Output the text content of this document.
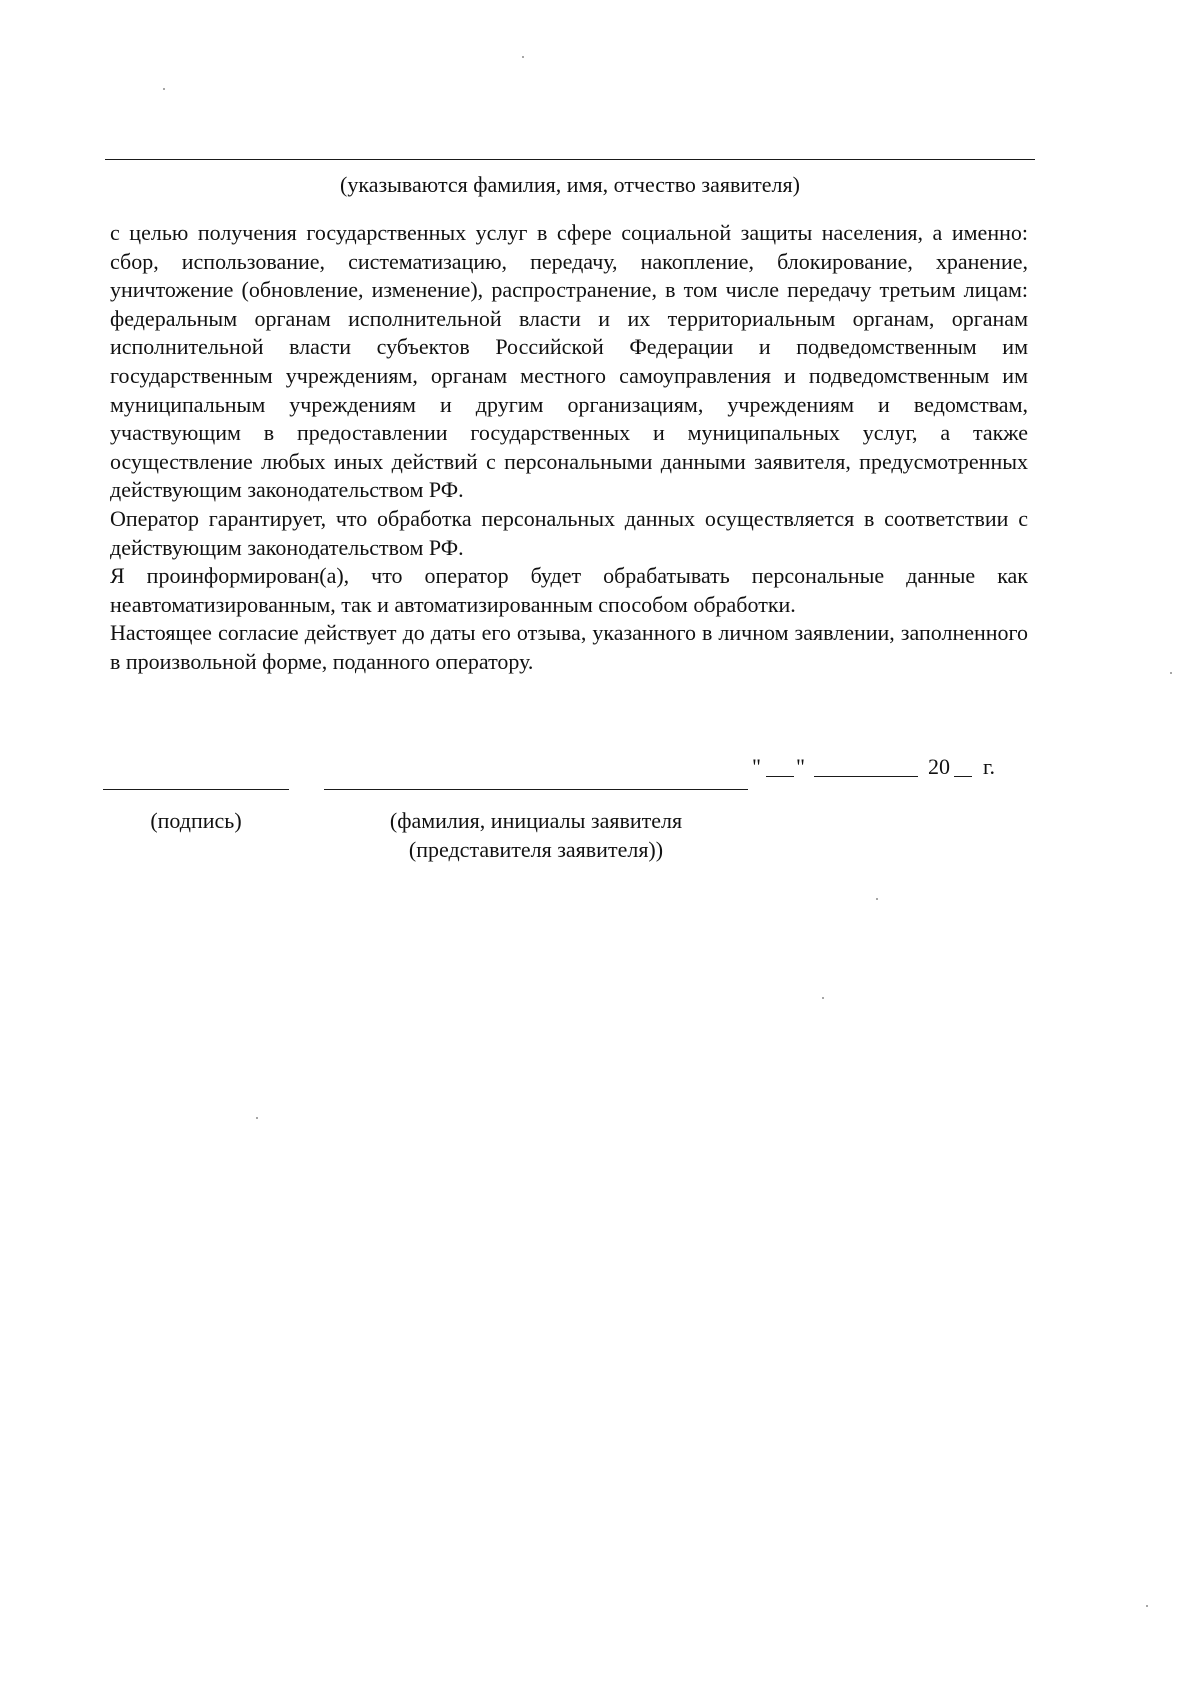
(указываются фамилия, имя, отчество заявителя)

с целью получения государственных услуг в сфере социальной защиты населения, а именно: сбор, использование, систематизацию, передачу, накопление, блокирование, хранение, уничтожение (обновление, изменение), распространение, в том числе передачу третьим лицам: федеральным органам исполнительной власти и их территориальным органам, органам исполнительной власти субъектов Российской Федерации и подведомственным им государственным учреждениям, органам местного самоуправления и подведомственным им муниципальным учреждениям и другим организациям, учреждениям и ведомствам, участвующим в предоставлении государственных и муниципальных услуг, а также осуществление любых иных действий с персональными данными заявителя, предусмотренных действующим законодательством РФ.

Оператор гарантирует, что обработка персональных данных осуществляется в соответствии с действующим законодательством РФ.

Я проинформирован(а), что оператор будет обрабатывать персональные данные как неавтоматизированным, так и автоматизированным способом обработки.

Настоящее согласие действует до даты его отзыва, указанного в личном заявлении, заполненного в произвольной форме, поданного оператору.

" "	20 г.
(подпись)	(фамилия, инициалы заявителя
(представителя заявителя))
